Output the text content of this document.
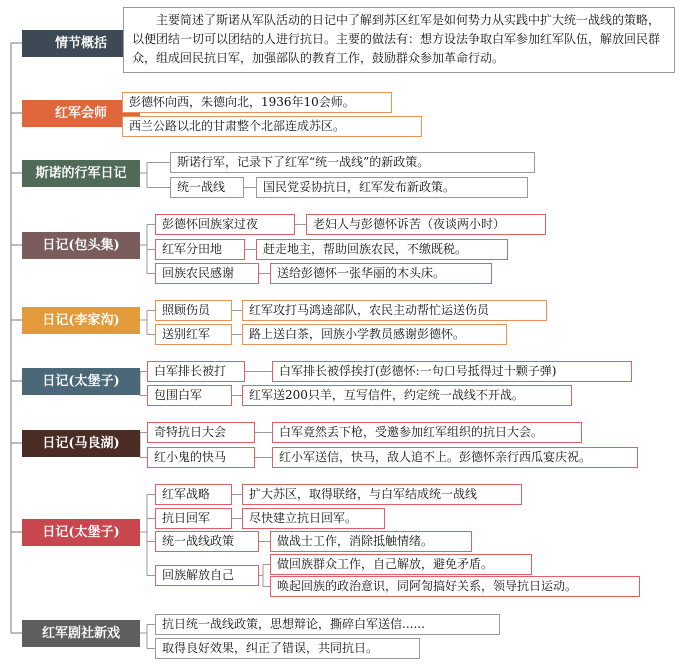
情节概括
主要简述了斯诺从军队活动的日记中了解到苏区红军是如何势力从实践中扩大统一战线的策略，以便团结一切可以团结的人进行抗日。主要的做法有：想方设法争取白军参加红军队伍，解放回民群众，组成回民抗日军，加强部队的教育工作，鼓励群众参加革命行动。
红军会师
彭德怀向西，朱德向北，1936年10会师。
西兰公路以北的甘肃整个北部连成苏区。
斯诺的行军日记
斯诺行军，记录下了红军“统一战线”的新政策。
统一战线	国民党妥协抗日，红军发布新政策。
日记(包头集)
彭德怀回族家过夜	老妇人与彭德怀诉苦（夜谈两小时）
红军分田地	赶走地主，帮助回族农民，不缴既税。
回族农民感谢	送给彭德怀一张华丽的木头床。
日记(李家沟)
照顾伤员	红军攻打马鸿逵部队，农民主动帮忙运送伤员
送别红军	路上送白茶，回族小学教员感谢彭德怀。
日记(太堡子)
白军排长被打	白军排长被俘挨打(彭德怀:一句口号抵得过十颗子弹)
包围白军	红军送200只羊，互写信件，约定统一战线不开战。
日记(马良湖)
奇特抗日大会	白军竟然丢下枪，受邀参加红军组织的抗日大会。
红小鬼的快马	红小军送信，快马，敌人追不上。彭德怀亲行西瓜宴庆祝。
日记(太堡子)
红军战略	扩大苏区，取得联络，与白军结成统一战线
抗日回军	尽快建立抗日回军。
统一战线政策	做战士工作，消除抵触情绪。
回族解放自己
做回族群众工作，自己解放，避免矛盾。
唤起回族的政治意识，同阿訇搞好关系，领导抗日运动。
红军剧社新戏
抗日统一战线政策，思想辩论，撕碎白军送信......
取得良好效果，纠正了错误，共同抗日。
